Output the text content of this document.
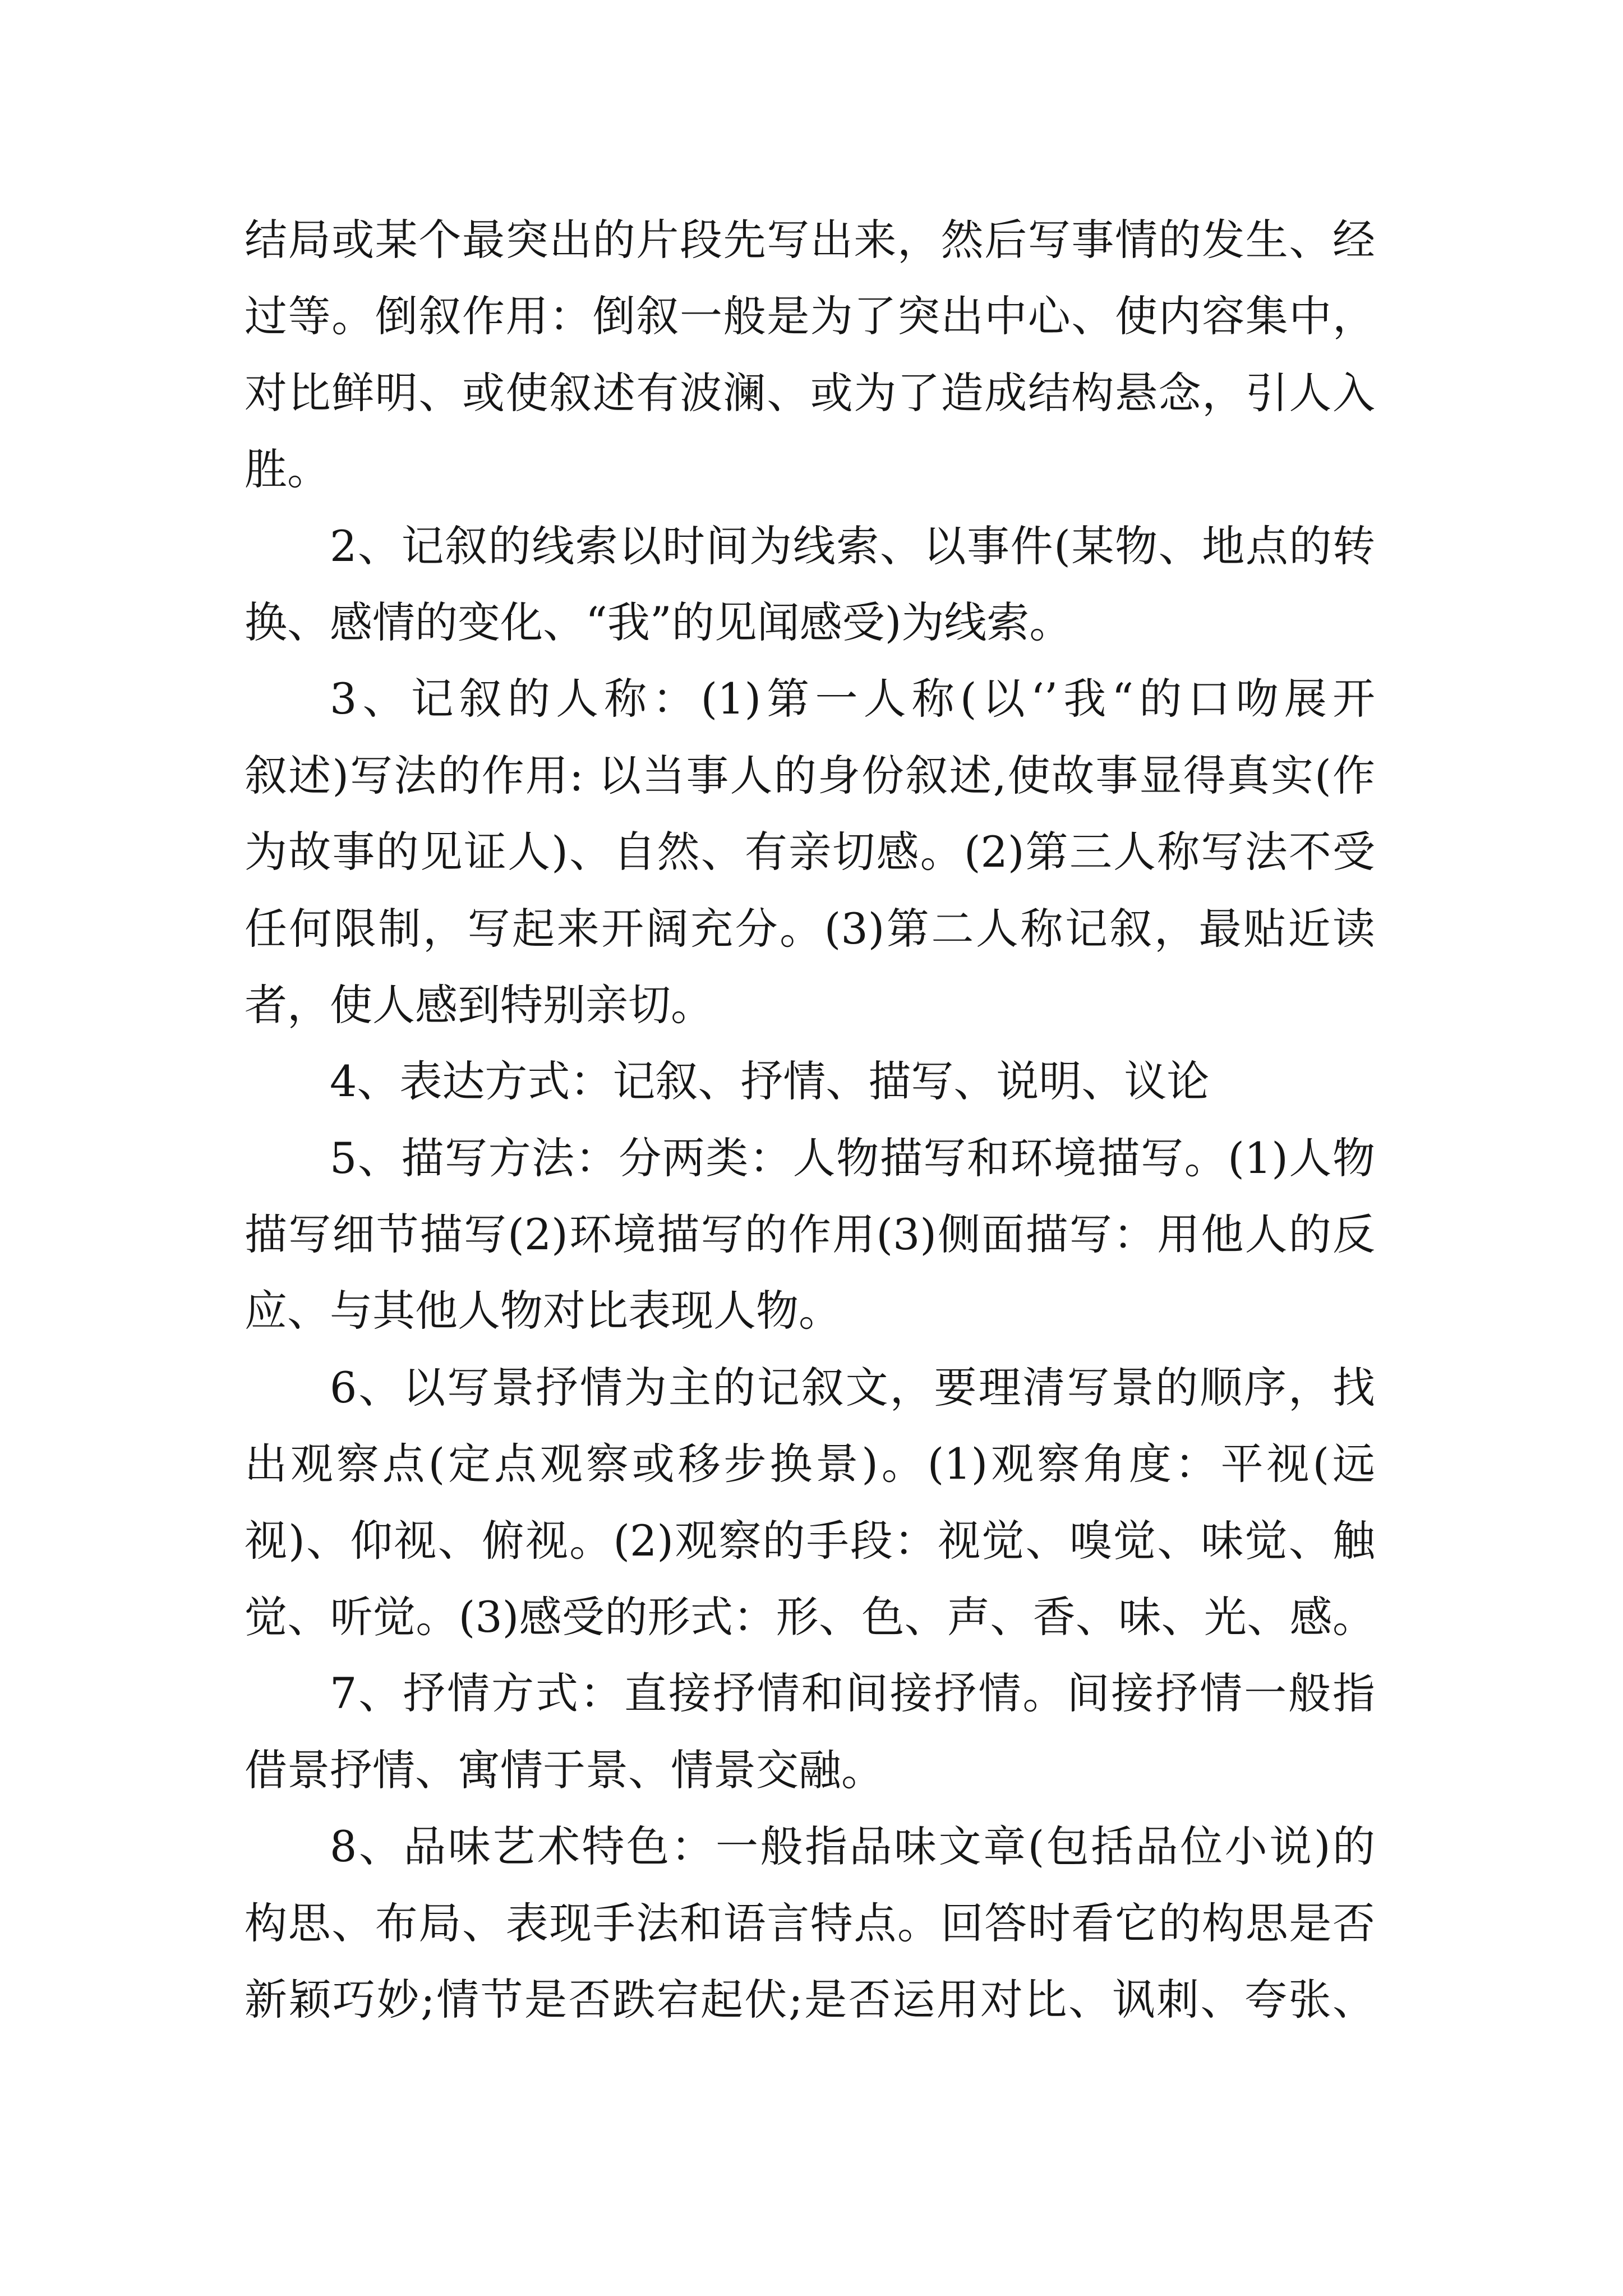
结局或某个最突出的片段先写出来，然后写事情的发生、经
过等。倒叙作用：倒叙一般是为了突出中心、使内容集中，
对比鲜明、或使叙述有波澜、或为了造成结构悬念，引人入
胜。
2、记叙的线索以时间为线索、以事件(某物、地点的转
换、感情的变化、“我”的见闻感受)为线索。
3、记叙的人称：(1)第一人称(以‘’我“的口吻展开
叙述)写法的作用: 以当事人的身份叙述,使故事显得真实(作
为故事的见证人)、自然、有亲切感。(2)第三人称写法不受
任何限制，写起来开阔充分。(3)第二人称记叙，最贴近读
者，使人感到特别亲切。
4、表达方式：记叙、抒情、描写、说明、议论
5、描写方法：分两类：人物描写和环境描写。(1)人物
描写细节描写(2)环境描写的作用(3)侧面描写：用他人的反
应、与其他人物对比表现人物。
6、以写景抒情为主的记叙文，要理清写景的顺序，找
出观察点(定点观察或移步换景)。(1)观察角度：平视(远
视)、仰视、俯视。(2)观察的手段：视觉、嗅觉、味觉、触
觉、听觉。(3)感受的形式：形、色、声、香、味、光、感。
7、抒情方式：直接抒情和间接抒情。间接抒情一般指
借景抒情、寓情于景、情景交融。
8、品味艺术特色：一般指品味文章(包括品位小说)的
构思、布局、表现手法和语言特点。回答时看它的构思是否
新颖巧妙;情节是否跌宕起伏;是否运用对比、讽刺、夸张、
